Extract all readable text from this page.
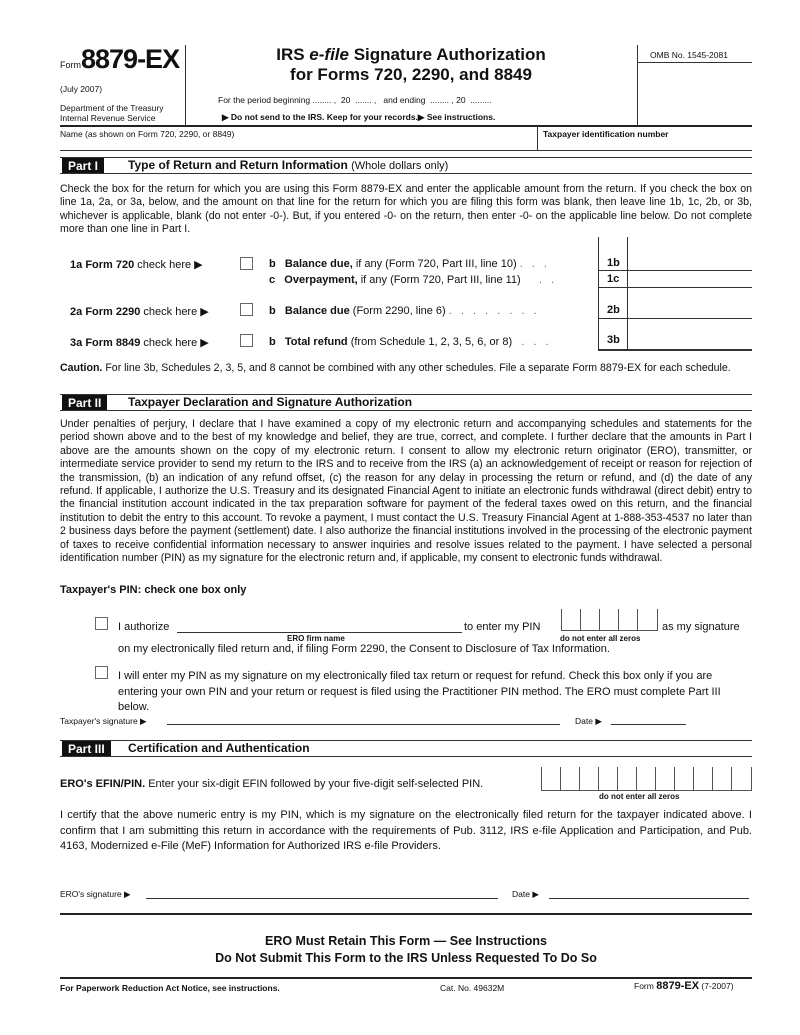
Form8879-EX
(July 2007)
Department of the Treasury
Internal Revenue Service
IRS e-file Signature Authorization
for Forms 720, 2290, and 8849
For the period beginning ........ ,  20  ....... ,   and ending  ........ , 20  .........
▶ Do not send to the IRS. Keep for your records.▶ See instructions.
OMB No. 1545-2081
Name (as shown on Form 720, 2290, or 8849)	Taxpayer identification number
Part I	Type of Return and Return Information (Whole dollars only)
Check the box for the return for which you are using this Form 8879-EX and enter the applicable amount from the return. If you check the box on line 1a, 2a, or 3a, below, and the amount on that line for the return for which you are filing this form was blank, then leave line 1b, 1c, 2b, or 3b, whichever is applicable, blank (do not enter -0-). But, if you entered -0- on the return, then enter -0- on the applicable line below. Do not complete more than one line in Part I.
1a Form 720 check here ▶	b Balance due, if any (Form 720, Part III, line 10) . . .	1b
c Overpayment, if any (Form 720, Part III, line 11) . .	1c
2a Form 2290 check here ▶	b Balance due (Form 2290, line 6) . . . . . . . .	2b
3a Form 8849 check here ▶	b Total refund (from Schedule 1, 2, 3, 5, 6, or 8) . . .	3b
Caution. For line 3b, Schedules 2, 3, 5, and 8 cannot be combined with any other schedules. File a separate Form 8879-EX for each schedule.
Part II	Taxpayer Declaration and Signature Authorization
Under penalties of perjury, I declare that I have examined a copy of my electronic return and accompanying schedules and statements for the period shown above and to the best of my knowledge and belief, they are true, correct, and complete. I further declare that the amounts in Part I above are the amounts shown on the copy of my electronic return. I consent to allow my electronic return originator (ERO), transmitter, or intermediate service provider to send my return to the IRS and to receive from the IRS (a) an acknowledgement of receipt or reason for rejection of the transmission, (b) an indication of any refund offset, (c) the reason for any delay in processing the return or refund, and (d) the date of any refund. If applicable, I authorize the U.S. Treasury and its designated Financial Agent to initiate an electronic funds withdrawal (direct debit) entry to the financial institution account indicated in the tax preparation software for payment of the federal taxes owed on this return, and the financial institution to debit the entry to this account. To revoke a payment, I must contact the U.S. Treasury Financial Agent at 1-888-353-4537 no later than 2 business days before the payment (settlement) date. I also authorize the financial institutions involved in the processing of the electronic payment of taxes to receive confidential information necessary to answer inquiries and resolve issues related to the payment. I have selected a personal identification number (PIN) as my signature for the electronic return and, if applicable, my consent to electronic funds withdrawal.
Taxpayer's PIN: check one box only
I authorize
ERO firm name
to enter my PIN
do not enter all zeros
as my signature
on my electronically filed return and, if filing Form 2290, the Consent to Disclosure of Tax Information.
I will enter my PIN as my signature on my electronically filed tax return or request for refund. Check this box only if you are entering your own PIN and your return or request is filed using the Practitioner PIN method. The ERO must complete Part III below.
Taxpayer's signature ▶	Date ▶
Part III	Certification and Authentication
ERO's EFIN/PIN. Enter your six-digit EFIN followed by your five-digit self-selected PIN.
do not enter all zeros
I certify that the above numeric entry is my PIN, which is my signature on the electronically filed return for the taxpayer indicated above. I confirm that I am submitting this return in accordance with the requirements of Pub. 3112, IRS e-file Application and Participation, and Pub. 4163, Modernized e-File (MeF) Information for Authorized IRS e-file Providers.
ERO's signature ▶	Date ▶
ERO Must Retain This Form — See Instructions
Do Not Submit This Form to the IRS Unless Requested To Do So
For Paperwork Reduction Act Notice, see instructions.	Cat. No. 49632M	Form 8879-EX (7-2007)
